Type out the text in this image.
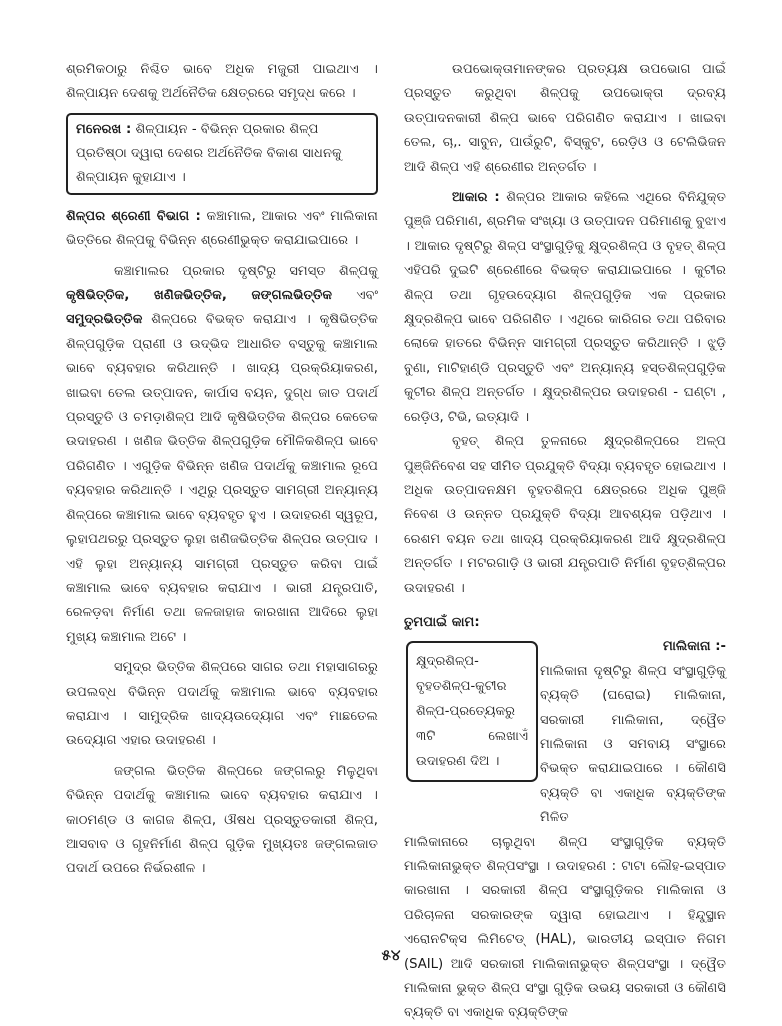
ଶ୍ରମିକଠାରୁ ନିଶ୍ଚିତ ଭାବେ ଅଧିକ ମଜୁରୀ ପାଇଥାଏ । ଶିଳ୍ପାୟନ ଦେଶକୁ ଅର୍ଥନୈତିକ କ୍ଷେତ୍ରରେ ସମୃଦ୍ଧ କରେ ।

ମନେରଖ : ଶିଳ୍ପାୟନ - ବିଭିନ୍ନ ପ୍ରକାର ଶିଳ୍ପ ପ୍ରତିଷ୍ଠା ଦ୍ୱାରା ଦେଶର ଅର୍ଥନୈତିକ ବିକାଶ ସାଧନକୁ ଶିଳ୍ପାୟନ କୁହାଯାଏ ।

ଶିଳ୍ପର ଶ୍ରେଣୀ ବିଭାଗ : କଞ୍ଚାମାଲ, ଆକାର ଏବଂ ମାଲିକାନା ଭିତ୍ତିରେ ଶିଳ୍ପକୁ ବିଭିନ୍ନ ଶ୍ରେଣୀଭୁକ୍ତ କରାଯାଇପାରେ ।

କଞ୍ଚାମାଲର ପ୍ରକାର ଦୃଷ୍ଟିରୁ ସମସ୍ତ ଶିଳ୍ପକୁ କୃଷିଭିତ୍ତିକ, ଖଣିଜଭିତ୍ତିକ, ଜଙ୍ଗଲଭିତ୍ତିକ ଏବଂ ସମୁଦ୍ରଭିତ୍ତିକ ଶିଳ୍ପରେ ବିଭକ୍ତ କରାଯାଏ । କୃଷିଭିତ୍ତିକ ଶିଳ୍ପଗୁଡ଼ିକ ପ୍ରାଣୀ ଓ ଉଦ୍ଭିଦ ଆଧାରିତ ବସ୍ତୁକୁ କଞ୍ଚାମାଲ ଭାବେ ବ୍ୟବହାର କରିଥାନ୍ତି । ଖାଦ୍ୟ ପ୍ରକ୍ରିୟାକରଣ, ଖାଇବା ତେଲ ଉତ୍ପାଦନ, କାର୍ପାସ ବୟନ, ଦୁଗ୍ଧ ଜାତ ପଦାର୍ଥ ପ୍ରସ୍ତୁତି ଓ ଚମଡ଼ାଶିଳ୍ପ ଆଦି କୃଷିଭିତ୍ତିକ ଶିଳ୍ପର କେତେକ ଉଦାହରଣ । ଖଣିଜ ଭିତ୍ତିକ ଶିଳ୍ପଗୁଡ଼ିକ ମୌଳିକଶିଳ୍ପ ଭାବେ ପରିଗଣିତ । ଏଗୁଡ଼ିକ ବିଭିନ୍ନ ଖଣିଜ ପଦାର୍ଥକୁ କଞ୍ଚାମାଲ ରୂପେ ବ୍ୟବହାର କରିଥାନ୍ତି । ଏଥିରୁ ପ୍ରସ୍ତୁତ ସାମଗ୍ରୀ ଅନ୍ୟାନ୍ୟ ଶିଳ୍ପରେ କଞ୍ଚାମାଲ ଭାବେ ବ୍ୟବହୃତ ହୁଏ । ଉଦାହରଣ ସ୍ୱରୂପ, ଲୁହାପଥରରୁ ପ୍ରସ୍ତୁତ ଲୁହା ଖଣିଜଭିତ୍ତିକ ଶିଳ୍ପର ଉତ୍ପାଦ । ଏହି ଲୁହା ଅନ୍ୟାନ୍ୟ ସାମଗ୍ରୀ ପ୍ରସ୍ତୁତ କରିବା ପାଇଁ କଞ୍ଚାମାଲ ଭାବେ ବ୍ୟବହାର କରାଯାଏ । ଭାରୀ ଯନ୍ତ୍ରପାତି, ରେଳଡ଼ବା ନିର୍ମାଣ ତଥା ଜଳଜାହାଜ କାରଖାନା ଆଦିରେ ଲୁହା ମୁଖ୍ୟ କଞ୍ଚାମାଲ ଅଟେ ।

ସମୁଦ୍ର ଭିତ୍ତିକ ଶିଳ୍ପରେ ସାଗର ତଥା ମହାସାଗରରୁ ଉପଲବ୍ଧ ବିଭିନ୍ନ ପଦାର୍ଥକୁ କଞ୍ଚାମାଲ ଭାବେ ବ୍ୟବହାର କରାଯାଏ । ସାମୁଦ୍ରିକ ଖାଦ୍ୟଉଦ୍ୟୋଗ ଏବଂ ମାଛତେଲ ଉଦ୍ୟୋଗ ଏହାର ଉଦାହରଣ ।

ଜଙ୍ଗଲ ଭିତ୍ତିକ ଶିଳ୍ପରେ ଜଙ୍ଗଲରୁ ମିଳୁଥିବା ବିଭିନ୍ନ ପଦାର୍ଥକୁ କଞ୍ଚାମାଲ ଭାବେ ବ୍ୟବହାର କରାଯାଏ । କାଠମଣ୍ଡ ଓ କାଗଜ ଶିଳ୍ପ, ଔଷଧ ପ୍ରସ୍ତୁତକାରୀ ଶିଳ୍ପ, ଆସବାବ ଓ ଗୃହନିର୍ମାଣ ଶିଳ୍ପ ଗୁଡ଼ିକ ମୁଖ୍ୟତଃ ଜଙ୍ଗଲଜାତ ପଦାର୍ଥ ଉପରେ ନିର୍ଭରଶୀଳ ।

ଉପଭୋକ୍ତାମାନଙ୍କର ପ୍ରତ୍ୟକ୍ଷ ଉପଭୋଗ ପାଇଁ ପ୍ରସ୍ତୁତ କରୁଥିବା ଶିଳ୍ପକୁ ଉପଭୋକ୍ତା ଦ୍ରବ୍ୟ ଉତ୍ପାଦନକାରୀ ଶିଳ୍ପ ଭାବେ ପରିଗଣିତ କରାଯାଏ । ଖାଇବା ତେଲ, ଚା,. ସାବୁନ, ପାଉଁରୁଟି, ବିସ୍କୁଟ, ରେଡ଼ିଓ ଓ ଟେଲିଭିଜନ ଆଦି ଶିଳ୍ପ ଏହି ଶ୍ରେଣୀର ଅନ୍ତର୍ଗତ ।

ଆକାର : ଶିଳ୍ପର ଆକାର କହିଲେ ଏଥିରେ ବିନିଯୁକ୍ତ ପୁଞ୍ଜି ପରିମାଣ, ଶ୍ରମିକ ସଂଖ୍ୟା ଓ ଉତ୍ପାଦନ ପରିମାଣକୁ ବୁଝାଏ । ଆକାର ଦୃଷ୍ଟିରୁ ଶିଳ୍ପ ସଂସ୍ଥାଗୁଡ଼ିକୁ କ୍ଷୁଦ୍ରଶିଳ୍ପ ଓ ବୃହତ୍ ଶିଳ୍ପ ଏହିପରି ଦୁଇଟି ଶ୍ରେଣୀରେ ବିଭକ୍ତ କରାଯାଇପାରେ । କୁଟୀର ଶିଳ୍ପ ତଥା ଗୃହଉଦ୍ୟୋଗ ଶିଳ୍ପଗୁଡ଼ିକ ଏକ ପ୍ରକାର କ୍ଷୁଦ୍ରଶିଳ୍ପ ଭାବେ ପରିଗଣିତ । ଏଥିରେ କାରିଗର ତଥା ପରିବାର ଲୋକେ ହାତରେ ବିଭିନ୍ନ ସାମଗ୍ରୀ ପ୍ରସ୍ତୁତ କରିଥାନ୍ତି । ଝୁଡ଼ି ବୁଣା, ମାଟିହାଣ୍ଡି ପ୍ରସ୍ତୁତି ଏବଂ ଅନ୍ୟାନ୍ୟ ହସ୍ତଶିଳ୍ପଗୁଡ଼ିକ କୁଟୀର ଶିଳ୍ପ ଅନ୍ତର୍ଗତ । କ୍ଷୁଦ୍ରଶିଳ୍ପର ଉଦାହରଣ - ଘଣ୍ଟା , ରେଡ଼ିଓ, ଟିଭି, ଇତ୍ୟାଦି ।

ବୃହତ୍ ଶିଳ୍ପ ତୁଳନାରେ କ୍ଷୁଦ୍ରଶିଳ୍ପରେ ଅଳ୍ପ ପୁଞ୍ଜିନିବେଶ ସହ ସୀମିତ ପ୍ରଯୁକ୍ତି ବିଦ୍ୟା ବ୍ୟବହୃତ ହୋଇଥାଏ । ଅଧିକ ଉତ୍ପାଦନକ୍ଷମ ବୃହତଶିଳ୍ପ କ୍ଷେତ୍ରରେ ଅଧିକ ପୁଞ୍ଜି ନିବେଶ ଓ ଉନ୍ନତ ପ୍ରଯୁକ୍ତି ବିଦ୍ୟା ଆବଶ୍ୟକ ପଡ଼ିଥାଏ । ରେଶମ ବୟନ ତଥା ଖାଦ୍ୟ ପ୍ରକ୍ରିୟାକରଣ ଆଦି କ୍ଷୁଦ୍ରଶିଳ୍ପ ଅନ୍ତର୍ଗତ । ମଟରଗାଡ଼ି ଓ ଭାରୀ ଯନ୍ତ୍ରପାତି ନିର୍ମାଣ ବୃହତ୍ଶିଳ୍ପର ଉଦାହରଣ ।

ତୁମପାଇଁ କାମ:
କ୍ଷୁଦ୍ରଶିଳ୍ପ- ବୃହତଶିଳ୍ପ-କୁଟୀର ଶିଳ୍ପ-ପ୍ରତ୍ୟେକରୁ ୩ଟି ଲେଖାଏଁ ଉଦାହରଣ ଦିଅ ।
ମାଲିକାନା :-
ମାଲିକାନା ଦୃଷ୍ଟିରୁ ଶିଳ୍ପ ସଂସ୍ଥାଗୁଡ଼ିକୁ ବ୍ୟକ୍ତି (ଘରୋଇ) ମାଲିକାନା, ସରକାରୀ ମାଲିକାନା, ଦ୍ୱୈତ ମାଲିକାନା ଓ ସମବାୟ ସଂସ୍ଥାରେ ବିଭକ୍ତ କରାଯାଇପାରେ । କୌଣସି ବ୍ୟକ୍ତି ବା ଏକାଧିକ ବ୍ୟକ୍ତିଙ୍କ ମିଳିତ

ମାଲିକାନାରେ ଚାଲୁଥିବା ଶିଳ୍ପ ସଂସ୍ଥାଗୁଡ଼ିକ ବ୍ୟକ୍ତି ମାଲିକାନାଭୁକ୍ତ ଶିଳ୍ପସଂସ୍ଥା । ଉଦାହରଣ : ଟାଟା ଲୌହ-ଇସ୍ପାତ କାରଖାନା । ସରକାରୀ ଶିଳ୍ପ ସଂସ୍ଥାଗୁଡ଼ିକର ମାଲିକାନା ଓ ପରିଚାଳନା ସରକାରଙ୍କ ଦ୍ୱାରା ହୋଇଥାଏ । ହିନ୍ଦୁସ୍ଥାନ ଏରୋନଟିକ୍ସ ଲିମିଟେଡ୍ (HAL), ଭାରତୀୟ ଇସ୍ପାତ ନିଗମ (SAIL) ଆଦି ସରକାରୀ ମାଲିକାନାଭୁକ୍ତ ଶିଳ୍ପସଂସ୍ଥା । ଦ୍ୱୈତ ମାଲିକାନା ଭୁକ୍ତ ଶିଳ୍ପ ସଂସ୍ଥା ଗୁଡ଼ିକ ଉଭୟ ସରକାରୀ ଓ କୌଣସି ବ୍ୟକ୍ତି ବା ଏକାଧିକ ବ୍ୟକ୍ତିଙ୍କ

୫୪
